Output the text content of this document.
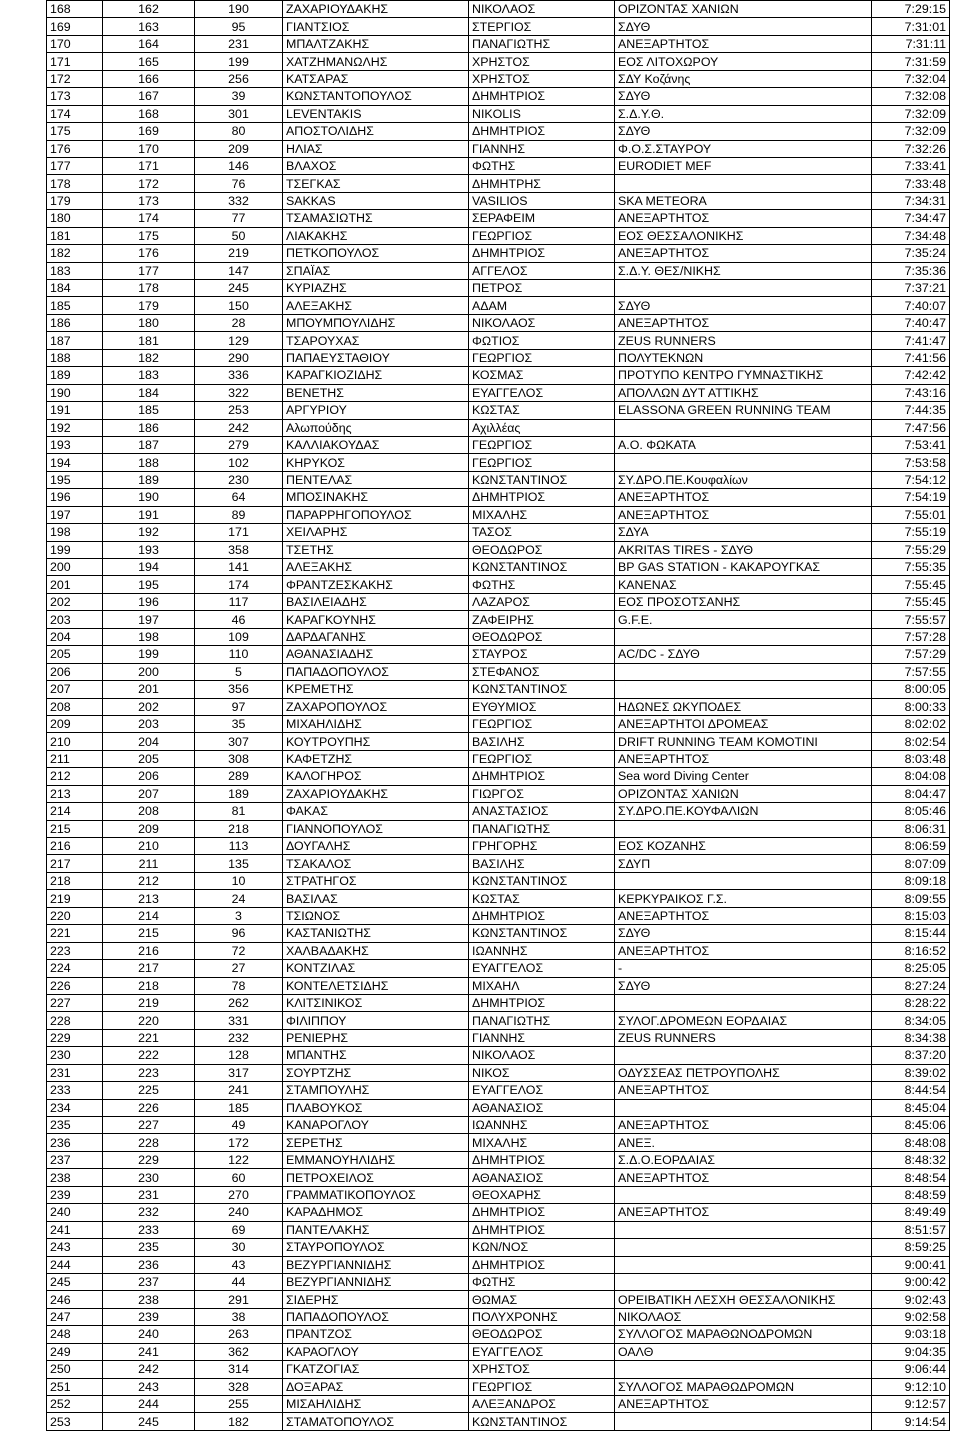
168	162	190	ΖΑΧΑΡΙΟΥΔΑΚΗΣ	ΝΙΚΟΛΑΟΣ	ΟΡΙΖΟΝΤΑΣ ΧΑΝΙΩΝ	7:29:15
169	163	95	ΓΙΑΝΤΣΙΟΣ	ΣΤΕΡΓΙΟΣ	ΣΔΥΘ	7:31:01
170	164	231	ΜΠΑΛΤΖΑΚΗΣ	ΠΑΝΑΓΙΩΤΗΣ	ΑΝΕΞΑΡΤΗΤΟΣ	7:31:11
171	165	199	ΧΑΤΖΗΜΑΝΩΛΗΣ	ΧΡΗΣΤΟΣ	ΕΟΣ ΛΙΤΟΧΩΡΟΥ	7:31:59
172	166	256	ΚΑΤΣΑΡΑΣ	ΧΡΗΣΤΟΣ	ΣΔΥ Κοζάνης	7:32:04
173	167	39	ΚΩΝΣΤΑΝΤΟΠΟΥΛΟΣ	ΔΗΜΗΤΡΙΟΣ	ΣΔΥΘ	7:32:08
174	168	301	LEVENTAKIS	NIKOLIS	Σ.Δ.Υ.Θ.	7:32:09
175	169	80	ΑΠΟΣΤΟΛΙΔΗΣ	ΔΗΜΗΤΡΙΟΣ	ΣΔΥΘ	7:32:09
176	170	209	ΗΛΙΑΣ	ΓΙΑΝΝΗΣ	Φ.Ο.Σ.ΣΤΑΥΡΟΥ	7:32:26
177	171	146	ΒΛΑΧΟΣ	ΦΩΤΗΣ	EURODIET MEF	7:33:41
178	172	76	ΤΣΕΓΚΑΣ	ΔΗΜΗΤΡΗΣ		7:33:48
179	173	332	SAKKAS	VASILIOS	SKA METEORA	7:34:31
180	174	77	ΤΣΑΜΑΣΙΩΤΗΣ	ΣΕΡΑΦΕΙΜ	ΑΝΕΞΑΡΤΗΤΟΣ	7:34:47
181	175	50	ΛΙΑΚΑΚΗΣ	ΓΕΩΡΓΙΟΣ	ΕΟΣ ΘΕΣΣΑΛΟΝΙΚΗΣ	7:34:48
182	176	219	ΠΕΤΚΟΠΟΥΛΟΣ	ΔΗΜΗΤΡΙΟΣ	ΑΝΕΞΑΡΤΗΤΟΣ	7:35:24
183	177	147	ΣΠΑΪΑΣ	ΑΓΓΕΛΟΣ	Σ.Δ.Υ. ΘΕΣ/ΝΙΚΗΣ	7:35:36
184	178	245	ΚΥΡΙΑΖΗΣ	ΠΕΤΡΟΣ		7:37:21
185	179	150	ΑΛΕΞΑΚΗΣ	ΑΔΑΜ	ΣΔΥΘ	7:40:07
186	180	28	ΜΠΟΥΜΠΟΥΛΙΔΗΣ	ΝΙΚΟΛΑΟΣ	ΑΝΕΞΑΡΤΗΤΟΣ	7:40:47
187	181	129	ΤΣΑΡΟΥΧΑΣ	ΦΩΤΙΟΣ	ZEUS RUNNERS	7:41:47
188	182	290	ΠΑΠΑΕΥΣΤΑΘΙΟΥ	ΓΕΩΡΓΙΟΣ	ΠΟΛΥΤΕΚΝΩΝ	7:41:56
189	183	336	ΚΑΡΑΓΚΙΟΖΙΔΗΣ	ΚΟΣΜΑΣ	ΠΡΟΤΥΠΟ ΚΕΝΤΡΟ ΓΥΜΝΑΣΤΙΚΗΣ	7:42:42
190	184	322	ΒΕΝΕΤΗΣ	ΕΥΑΓΓΕΛΟΣ	ΑΠΟΛΛΩΝ ΔΥΤ ΑΤΤΙΚΗΣ	7:43:16
191	185	253	ΑΡΓΥΡΙΟΥ	ΚΩΣΤΑΣ	ELASSONA GREEN RUNNING TEAM	7:44:35
192	186	242	Αλωπούδης	Αχιλλέας		7:47:56
193	187	279	ΚΑΛΛΙΑΚΟΥΔΑΣ	ΓΕΩΡΓΙΟΣ	Α.Ο. ΦΩΚΑΤΑ	7:53:41
194	188	102	ΚΗΡΥΚΟΣ	ΓΕΩΡΓΙΟΣ		7:53:58
195	189	230	ΠΕΝΤΕΛΑΣ	ΚΩΝΣΤΑΝΤΙΝΟΣ	ΣΥ.ΔΡΟ.ΠΕ.Κουφαλίων	7:54:12
196	190	64	ΜΠΟΣΙΝΑΚΗΣ	ΔΗΜΗΤΡΙΟΣ	ΑΝΕΞΑΡΤΗΤΟΣ	7:54:19
197	191	89	ΠΑΡΑΡΡΗΓΟΠΟΥΛΟΣ	ΜΙΧΑΛΗΣ	ΑΝΕΞΑΡΤΗΤΟΣ	7:55:01
198	192	171	ΧΕΙΛΑΡΗΣ	ΤΑΣΟΣ	ΣΔΥΑ	7:55:19
199	193	358	ΤΣΕΤΗΣ	ΘΕΟΔΩΡΟΣ	AKRITAS TIRES - ΣΔΥΘ	7:55:29
200	194	141	ΑΛΕΞΑΚΗΣ	ΚΩΝΣΤΑΝΤΙΝΟΣ	BP GAS STATION - ΚΑΚΑΡΟΥΓΚΑΣ	7:55:35
201	195	174	ΦΡΑΝΤΖΕΣΚΑΚΗΣ	ΦΩΤΗΣ	ΚΑΝΕΝΑΣ	7:55:45
202	196	117	ΒΑΣΙΛΕΙΑΔΗΣ	ΛΑΖΑΡΟΣ	ΕΟΣ ΠΡΟΣΟΤΣΑΝΗΣ	7:55:45
203	197	46	ΚΑΡΑΓΚΟΥΝΗΣ	ΖΑΦΕΙΡΗΣ	G.F.E.	7:55:57
204	198	109	ΔΑΡΔΑΓΑΝΗΣ	ΘΕΟΔΩΡΟΣ		7:57:28
205	199	110	ΑΘΑΝΑΣΙΑΔΗΣ	ΣΤΑΥΡΟΣ	AC/DC - ΣΔΥΘ	7:57:29
206	200	5	ΠΑΠΑΔΟΠΟΥΛΟΣ	ΣΤΕΦΑΝΟΣ		7:57:55
207	201	356	ΚΡΕΜΕΤΗΣ	ΚΩΝΣΤΑΝΤΙΝΟΣ		8:00:05
208	202	97	ΖΑΧΑΡΟΠΟΥΛΟΣ	ΕΥΘΥΜΙΟΣ	ΗΔΩΝΕΣ ΩΚΥΠΟΔΕΣ	8:00:33
209	203	35	ΜΙΧΑΗΛΙΔΗΣ	ΓΕΩΡΓΙΟΣ	ΑΝΕΞΑΡΤΗΤΟΙ ΔΡΟΜΕΑΣ	8:02:02
210	204	307	ΚΟΥΤΡΟΥΠΗΣ	ΒΑΣΙΛΗΣ	DRIFT RUNNING TEAM KOMOTINI	8:02:54
211	205	308	ΚΑΦΕΤΖΗΣ	ΓΕΩΡΓΙΟΣ	ΑΝΕΞΑΡΤΗΤΟΣ	8:03:48
212	206	289	ΚΑΛΟΓΗΡΟΣ	ΔΗΜΗΤΡΙΟΣ	Sea word Diving Center	8:04:08
213	207	189	ΖΑΧΑΡΙΟΥΔΑΚΗΣ	ΓΙΩΡΓΟΣ	ΟΡΙΖΟΝΤΑΣ ΧΑΝΙΩΝ	8:04:47
214	208	81	ΦΑΚΑΣ	ΑΝΑΣΤΑΣΙΟΣ	ΣΥ.ΔΡΟ.ΠΕ.ΚΟΥΦΑΛΙΩΝ	8:05:46
215	209	218	ΓΙΑΝΝΟΠΟΥΛΟΣ	ΠΑΝΑΓΙΩΤΗΣ		8:06:31
216	210	113	ΔΟΥΓΑΛΗΣ	ΓΡΗΓΟΡΗΣ	ΕΟΣ ΚΟΖΑΝΗΣ	8:06:59
217	211	135	ΤΣΑΚΑΛΟΣ	ΒΑΣΙΛΗΣ	ΣΔΥΠ	8:07:09
218	212	10	ΣΤΡΑΤΗΓΟΣ	ΚΩΝΣΤΑΝΤΙΝΟΣ		8:09:18
219	213	24	ΒΑΣΙΛΑΣ	ΚΩΣΤΑΣ	ΚΕΡΚΥΡΑΙΚΟΣ Γ.Σ.	8:09:55
220	214	3	ΤΣΙΩΝΟΣ	ΔΗΜΗΤΡΙΟΣ	ΑΝΕΞΑΡΤΗΤΟΣ	8:15:03
221	215	96	ΚΑΣΤΑΝΙΩΤΗΣ	ΚΩΝΣΤΑΝΤΙΝΟΣ	ΣΔΥΘ	8:15:44
223	216	72	ΧΑΛΒΑΔΑΚΗΣ	ΙΩΑΝΝΗΣ	ΑΝΕΞΑΡΤΗΤΟΣ	8:16:52
224	217	27	ΚΟΝΤΖΙΛΑΣ	ΕΥΑΓΓΕΛΟΣ	-	8:25:05
226	218	78	ΚΟΝΤΕΛΕΤΣΙΔΗΣ	ΜΙΧΑΗΛ	ΣΔΥΘ	8:27:24
227	219	262	ΚΛΙΤΣΙΝΙΚΟΣ	ΔΗΜΗΤΡΙΟΣ		8:28:22
228	220	331	ΦΙΛΙΠΠΟΥ	ΠΑΝΑΓΙΩΤΗΣ	ΣΥΛΟΓ.ΔΡΟΜΕΩΝ ΕΟΡΔΑΙΑΣ	8:34:05
229	221	232	ΡΕΝΙΕΡΗΣ	ΓΙΑΝΝΗΣ	ZEUS RUNNERS	8:34:38
230	222	128	ΜΠΑΝΤΗΣ	ΝΙΚΟΛΑΟΣ		8:37:20
231	223	317	ΣΟΥΡΤΖΗΣ	ΝΙΚΟΣ	ΟΔΥΣΣΕΑΣ ΠΕΤΡΟΥΠΟΛΗΣ	8:39:02
233	225	241	ΣΤΑΜΠΟΥΛΗΣ	ΕΥΑΓΓΕΛΟΣ	ΑΝΕΞΑΡΤΗΤΟΣ	8:44:54
234	226	185	ΠΛΑΒΟΥΚΟΣ	ΑΘΑΝΑΣΙΟΣ		8:45:04
235	227	49	ΚΑΝΑΡΟΓΛΟΥ	ΙΩΑΝΝΗΣ	ΑΝΕΞΑΡΤΗΤΟΣ	8:45:06
236	228	172	ΣΕΡΕΤΗΣ	ΜΙΧΑΛΗΣ	ΑΝΕΞ.	8:48:08
237	229	122	ΕΜΜΑΝΟΥΗΛΙΔΗΣ	ΔΗΜΗΤΡΙΟΣ	Σ.Δ.Ο.ΕΟΡΔΑΙΑΣ	8:48:32
238	230	60	ΠΕΤΡΟΧΕΙΛΟΣ	ΑΘΑΝΑΣΙΟΣ	ΑΝΕΞΑΡΤΗΤΟΣ	8:48:54
239	231	270	ΓΡΑΜΜΑΤΙΚΟΠΟΥΛΟΣ	ΘΕΟΧΑΡΗΣ		8:48:59
240	232	240	ΚΑΡΑΔΗΜΟΣ	ΔΗΜΗΤΡΙΟΣ	ΑΝΕΞΑΡΤΗΤΟΣ	8:49:49
241	233	69	ΠΑΝΤΕΛΑΚΗΣ	ΔΗΜΗΤΡΙΟΣ		8:51:57
243	235	30	ΣΤΑΥΡΟΠΟΥΛΟΣ	ΚΩΝ/ΝΟΣ		8:59:25
244	236	43	ΒΕΖΥΡΓΙΑΝΝΙΔΗΣ	ΔΗΜΗΤΡΙΟΣ		9:00:41
245	237	44	ΒΕΖΥΡΓΙΑΝΝΙΔΗΣ	ΦΩΤΗΣ		9:00:42
246	238	291	ΣΙΔΕΡΗΣ	ΘΩΜΑΣ	ΟΡΕΙΒΑΤΙΚΗ ΛΕΣΧΗ ΘΕΣΣΑΛΟΝΙΚΗΣ	9:02:43
247	239	38	ΠΑΠΑΔΟΠΟΥΛΟΣ	ΠΟΛΥΧΡΟΝΗΣ	ΝΙΚΟΛΑΟΣ	9:02:58
248	240	263	ΠΡΑΝΤΖΟΣ	ΘΕΟΔΩΡΟΣ	ΣΥΛΛΟΓΟΣ ΜΑΡΑΘΩΝΟΔΡΟΜΩΝ	9:03:18
249	241	362	ΚΑΡΑΟΓΛΟΥ	ΕΥΑΓΓΕΛΟΣ	ΟΑΛΘ	9:04:35
250	242	314	ΓΚΑΤΖΟΓΙΑΣ	ΧΡΗΣΤΟΣ		9:06:44
251	243	328	ΔΟΞΑΡΑΣ	ΓΕΩΡΓΙΟΣ	ΣΥΛΛΟΓΟΣ ΜΑΡΑΘΩΔΡΟΜΩΝ	9:12:10
252	244	255	ΜΙΣΑΗΛΙΔΗΣ	ΑΛΕΞΑΝΔΡΟΣ	ΑΝΕΞΑΡΤΗΤΟΣ	9:12:57
253	245	182	ΣΤΑΜΑΤΟΠΟΥΛΟΣ	ΚΩΝΣΤΑΝΤΙΝΟΣ		9:14:54
